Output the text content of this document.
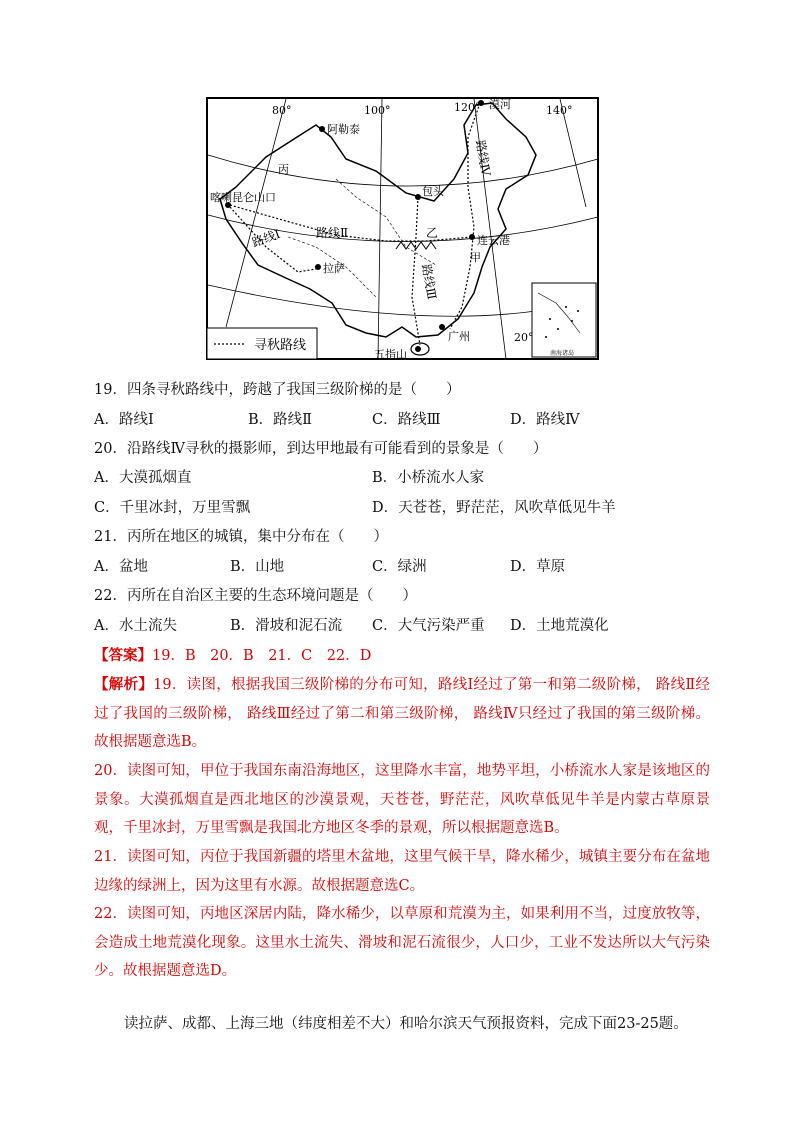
80°	100°	120°	140°
20°
阿勒泰
丙
喀喇昆仑山口	包头
乙
连云港
拉萨
甲
广州
五指山
漠河
路线Ⅰ	路线Ⅱ
路线Ⅲ
路线Ⅳ
寻秋路线
南海诸岛
19．四条寻秋路线中，跨越了我国三级阶梯的是（　　）
A．路线Ⅰ	B．路线Ⅱ	C．路线Ⅲ	D．路线Ⅳ
20．沿路线Ⅳ寻秋的摄影师，到达甲地最有可能看到的景象是（　　）
A．大漠孤烟直	B．小桥流水人家
C．千里冰封，万里雪飘	D．天苍苍，野茫茫，风吹草低见牛羊
21．丙所在地区的城镇，集中分布在（　　）
A．盆地	B．山地	C．绿洲	D．草原
22．丙所在自治区主要的生态环境问题是（　　）
A．水土流失	B．滑坡和泥石流 C．大气污染严重 D．土地荒漠化
【答案】19．B　20．B　21．C　22．D
【解析】19．读图，根据我国三级阶梯的分布可知，路线Ⅰ经过了第一和第二级阶梯， 路线Ⅱ经过了我国的三级阶梯， 路线Ⅲ经过了第二和第三级阶梯， 路线Ⅳ只经过了我国的第三级阶梯。故根据题意选B。
20．读图可知，甲位于我国东南沿海地区，这里降水丰富，地势平坦，小桥流水人家是该地区的景象。大漠孤烟直是西北地区的沙漠景观，天苍苍，野茫茫，风吹草低见牛羊是内蒙古草原景观，千里冰封，万里雪飘是我国北方地区冬季的景观，所以根据题意选B。
21．读图可知，丙位于我国新疆的塔里木盆地，这里气候干旱，降水稀少，城镇主要分布在盆地边缘的绿洲上，因为这里有水源。故根据题意选C。
22．读图可知，丙地区深居内陆，降水稀少，以草原和荒漠为主，如果利用不当，过度放牧等，会造成土地荒漠化现象。这里水土流失、滑坡和泥石流很少，人口少，工业不发达所以大气污染少。故根据题意选D。
读拉萨、成都、上海三地（纬度相差不大）和哈尔滨天气预报资料，完成下面23-25题。
